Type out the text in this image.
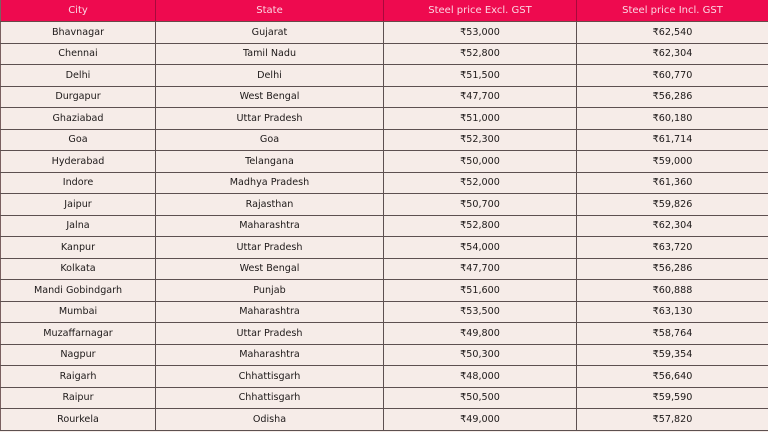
City	State	Steel price Excl. GST	Steel price Incl. GST
Bhavnagar	Gujarat	₹53,000	₹62,540
Chennai	Tamil Nadu	₹52,800	₹62,304
Delhi	Delhi	₹51,500	₹60,770
Durgapur	West Bengal	₹47,700	₹56,286
Ghaziabad	Uttar Pradesh	₹51,000	₹60,180
Goa	Goa	₹52,300	₹61,714
Hyderabad	Telangana	₹50,000	₹59,000
Indore	Madhya Pradesh	₹52,000	₹61,360
Jaipur	Rajasthan	₹50,700	₹59,826
Jalna	Maharashtra	₹52,800	₹62,304
Kanpur	Uttar Pradesh	₹54,000	₹63,720
Kolkata	West Bengal	₹47,700	₹56,286
Mandi Gobindgarh	Punjab	₹51,600	₹60,888
Mumbai	Maharashtra	₹53,500	₹63,130
Muzaffarnagar	Uttar Pradesh	₹49,800	₹58,764
Nagpur	Maharashtra	₹50,300	₹59,354
Raigarh	Chhattisgarh	₹48,000	₹56,640
Raipur	Chhattisgarh	₹50,500	₹59,590
Rourkela	Odisha	₹49,000	₹57,820
